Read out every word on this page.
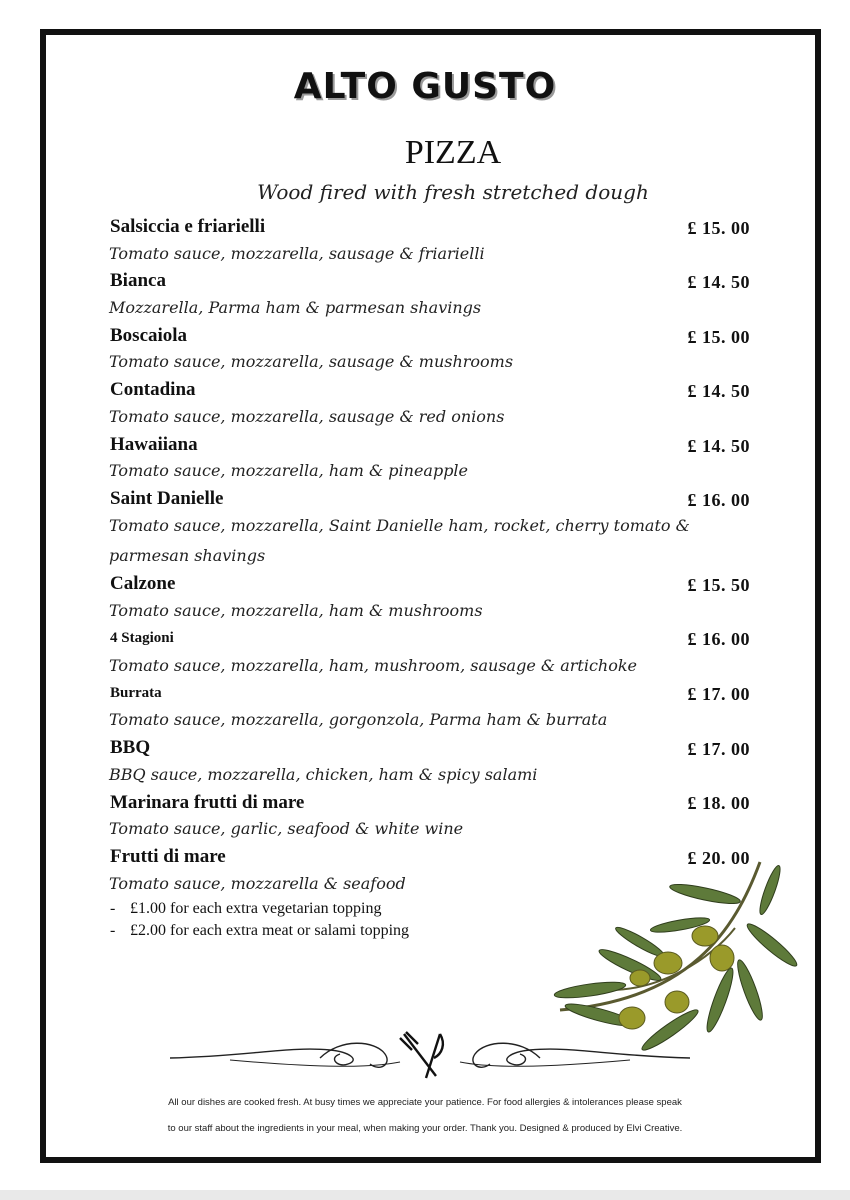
ALTO GUSTO
PIZZA
Wood fired with fresh stretched dough
Salsiccia e friarielli	£ 15. 00
Tomato sauce, mozzarella, sausage & friarielli
Bianca	£ 14. 50
Mozzarella, Parma ham & parmesan shavings
Boscaiola	£ 15. 00
Tomato sauce, mozzarella, sausage & mushrooms
Contadina	£ 14. 50
Tomato sauce, mozzarella, sausage & red onions
Hawaiiana	£ 14. 50
Tomato sauce, mozzarella, ham & pineapple
Saint Danielle	£ 16. 00
Tomato sauce, mozzarella, Saint Danielle ham, rocket, cherry tomato & parmesan shavings
Calzone	£ 15. 50
Tomato sauce, mozzarella, ham & mushrooms
4 Stagioni	£ 16. 00
Tomato sauce, mozzarella, ham, mushroom, sausage & artichoke
Burrata	£ 17. 00
Tomato sauce, mozzarella, gorgonzola, Parma ham & burrata
BBQ	£ 17. 00
BBQ sauce, mozzarella, chicken, ham & spicy salami
Marinara frutti di mare	£ 18. 00
Tomato sauce, garlic, seafood & white wine
Frutti di mare	£ 20. 00
Tomato sauce, mozzarella & seafood
- £1.00 for each extra vegetarian topping
- £2.00 for each extra meat or salami topping
All our dishes are cooked fresh. At busy times we appreciate your patience. For food allergies & intolerances please speak
to our staff about the ingredients in your meal, when making your order. Thank you. Designed & produced by Elvi Creative.
